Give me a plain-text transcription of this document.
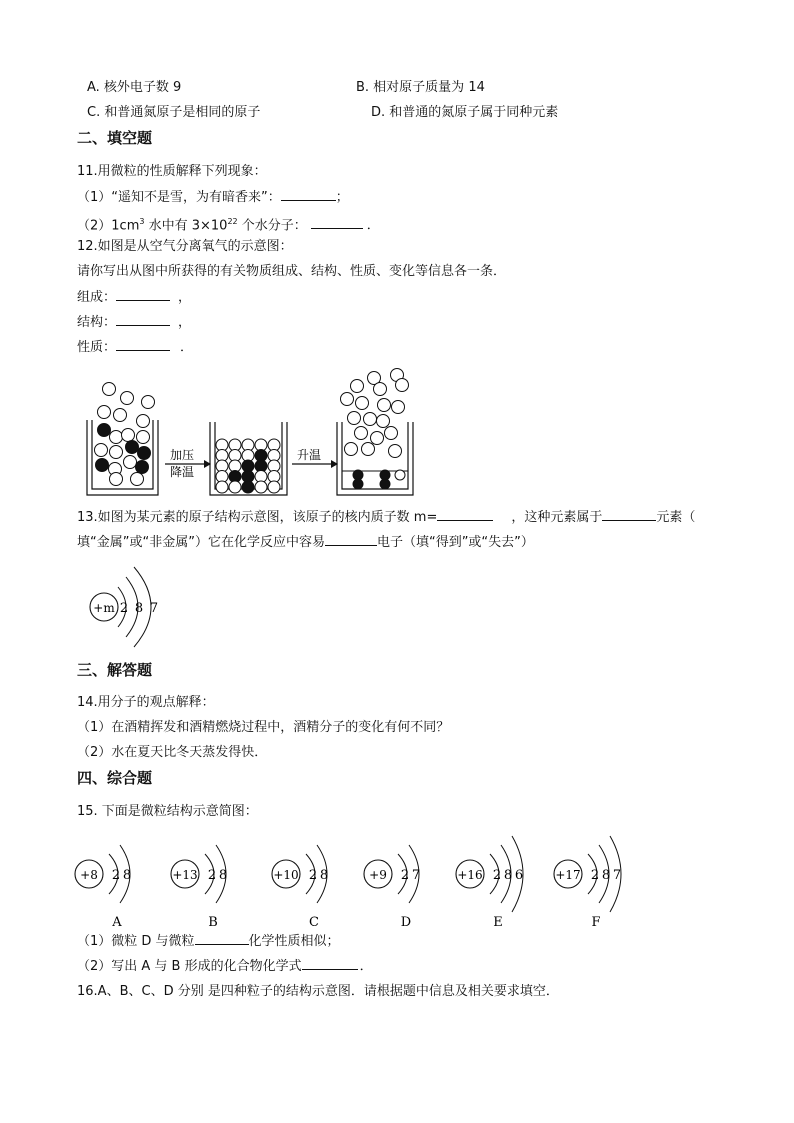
A. 核外电子数 9	B. 相对原子质量为 14
C. 和普通氮原子是相同的原子	D. 和普通的氮原子属于同种元素
二、填空题
11.用微粒的性质解释下列现象：
（1）“遥知不是雪，为有暗香来”：	；
$(2)1cm^3$ 水中有 $3\times 10^{22}$ 个水分子：	．
12.如图是从空气分离氧气的示意图：
请你写出从图中所获得的有关物质组成、结构、性质、变化等信息各一条．
组成：	，
结构：	，
性质：	．
加压
降温
升温
13.如图为某元素的原子结构示意图，该原子的核内质子数 m=	，这种元素属于	元素（
填“金属”或“非金属”）它在化学反应中容易	电子（填“得到”或“失去”）
+m 2 8 7
三、解答题
14.用分子的观点解释：
（1）在酒精挥发和酒精燃烧过程中，酒精分子的变化有何不同？
（2）水在夏天比冬天蒸发得快．
四、综合题
15. 下面是微粒结构示意简图：
+8 2 8
A
+13 2 8
B
+10 2 8
C
+9 2 7
D
+16 2 8 6
E
+17 2 8 7
F
（1）微粒 D 与微粒	化学性质相似；
（2）写出 A 与 B 形成的化合物化学式	．
16.A、B、C、D 分别 是四种粒子的结构示意图．请根据题中信息及相关要求填空．
